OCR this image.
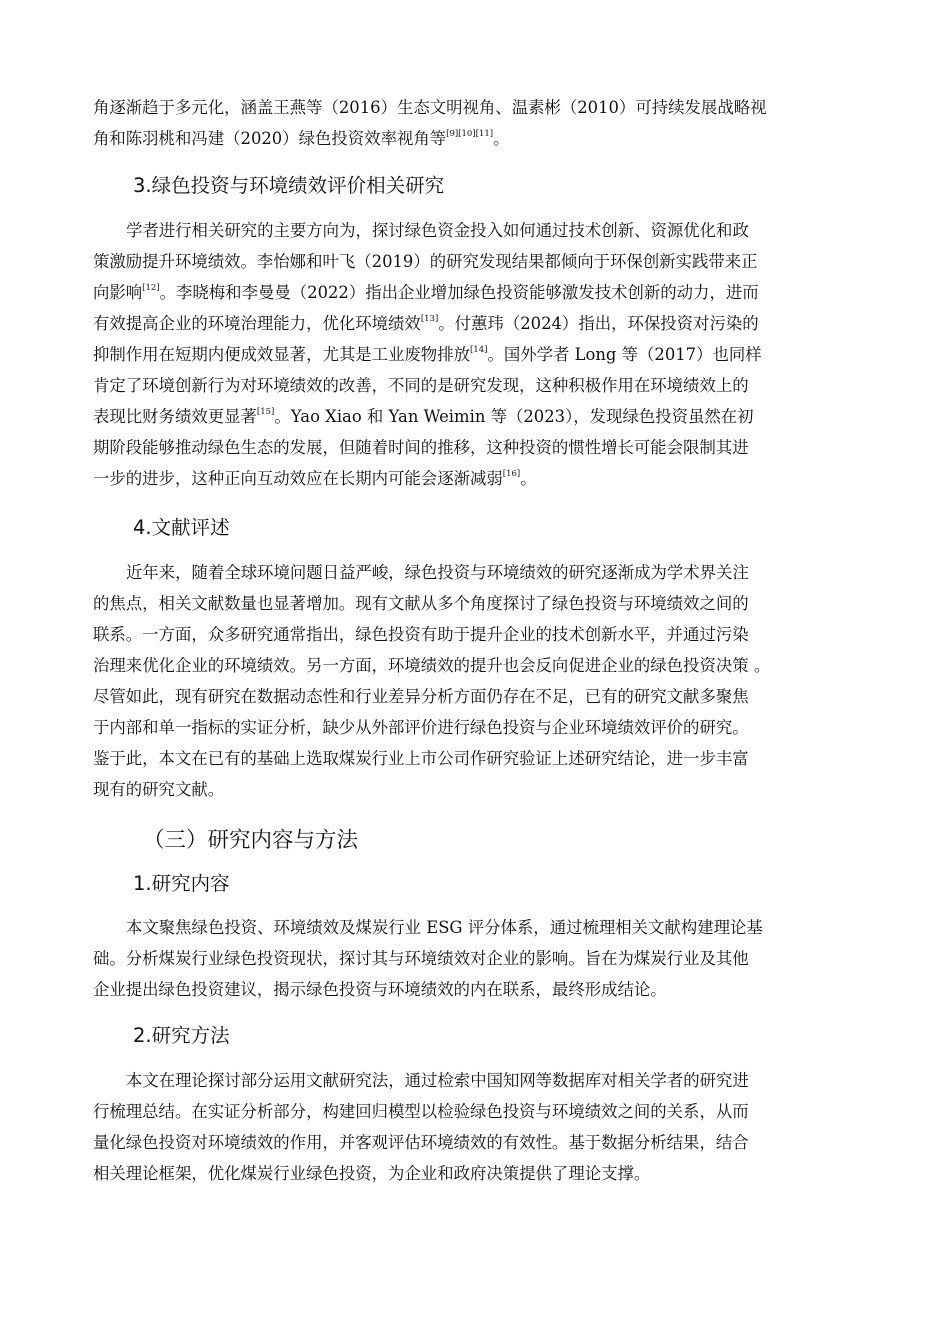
角逐渐趋于多元化，涵盖王燕等（2016）生态文明视角、温素彬（2010）可持续发展战略视
角和陈羽桃和冯建（2020）绿色投资效率视角等[9][10][11]。
3.绿色投资与环境绩效评价相关研究
学者进行相关研究的主要方向为，探讨绿色资金投入如何通过技术创新、资源优化和政
策激励提升环境绩效。李怡娜和叶飞（2019）的研究发现结果都倾向于环保创新实践带来正
向影响[12]。李晓梅和李曼曼（2022）指出企业增加绿色投资能够激发技术创新的动力，进而
有效提高企业的环境治理能力，优化环境绩效[13]。付蕙玮（2024）指出，环保投资对污染的
抑制作用在短期内便成效显著，尤其是工业废物排放[14]。国外学者 Long 等（2017）也同样
肯定了环境创新行为对环境绩效的改善，不同的是研究发现，这种积极作用在环境绩效上的
表现比财务绩效更显著[15]。Yao Xiao 和 Yan Weimin 等（2023），发现绿色投资虽然在初
期阶段能够推动绿色生态的发展，但随着时间的推移，这种投资的惯性增长可能会限制其进
一步的进步，这种正向互动效应在长期内可能会逐渐减弱[16]。
4.文献评述
近年来，随着全球环境问题日益严峻，绿色投资与环境绩效的研究逐渐成为学术界关注
的焦点，相关文献数量也显著增加。现有文献从多个角度探讨了绿色投资与环境绩效之间的
联系。一方面，众多研究通常指出，绿色投资有助于提升企业的技术创新水平，并通过污染
治理来优化企业的环境绩效。另一方面，环境绩效的提升也会反向促进企业的绿色投资决策 。
尽管如此，现有研究在数据动态性和行业差异分析方面仍存在不足，已有的研究文献多聚焦
于内部和单一指标的实证分析，缺少从外部评价进行绿色投资与企业环境绩效评价的研究。
鉴于此，本文在已有的基础上选取煤炭行业上市公司作研究验证上述研究结论，进一步丰富
现有的研究文献。
（三）研究内容与方法
1.研究内容
本文聚焦绿色投资、环境绩效及煤炭行业 ESG 评分体系，通过梳理相关文献构建理论基
础。分析煤炭行业绿色投资现状，探讨其与环境绩效对企业的影响。旨在为煤炭行业及其他
企业提出绿色投资建议，揭示绿色投资与环境绩效的内在联系，最终形成结论。
2.研究方法
本文在理论探讨部分运用文献研究法，通过检索中国知网等数据库对相关学者的研究进
行梳理总结。在实证分析部分，构建回归模型以检验绿色投资与环境绩效之间的关系，从而
量化绿色投资对环境绩效的作用，并客观评估环境绩效的有效性。基于数据分析结果，结合
相关理论框架，优化煤炭行业绿色投资，为企业和政府决策提供了理论支撑。
